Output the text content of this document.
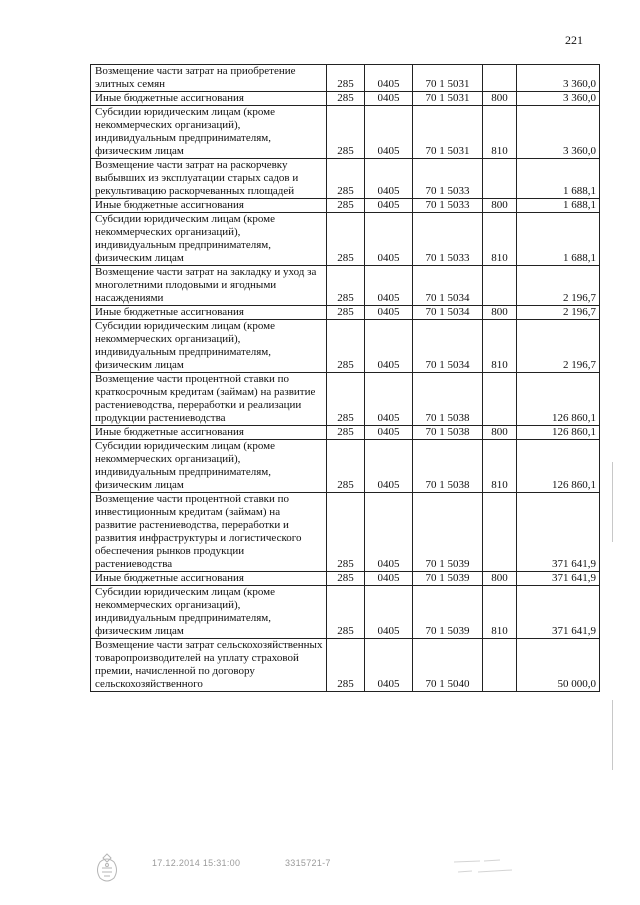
221
Возмещение части затрат на приобретение элитных семян	285	0405	70 1 5031		3 360,0
Иные бюджетные ассигнования	285	0405	70 1 5031	800	3 360,0
Субсидии юридическим лицам (кроме некоммерческих организаций), индивидуальным предпринимателям, физическим лицам	285	0405	70 1 5031	810	3 360,0
Возмещение части затрат на раскорчевку выбывших из эксплуатации старых садов и рекультивацию раскорчеванных площадей	285	0405	70 1 5033		1 688,1
Иные бюджетные ассигнования	285	0405	70 1 5033	800	1 688,1
Субсидии юридическим лицам (кроме некоммерческих организаций), индивидуальным предпринимателям, физическим лицам	285	0405	70 1 5033	810	1 688,1
Возмещение части затрат на закладку и уход за многолетними плодовыми и ягодными насаждениями	285	0405	70 1 5034		2 196,7
Иные бюджетные ассигнования	285	0405	70 1 5034	800	2 196,7
Субсидии юридическим лицам (кроме некоммерческих организаций), индивидуальным предпринимателям, физическим лицам	285	0405	70 1 5034	810	2 196,7
Возмещение части процентной ставки по краткосрочным кредитам (займам) на развитие растениеводства, переработки и реализации продукции растениеводства	285	0405	70 1 5038		126 860,1
Иные бюджетные ассигнования	285	0405	70 1 5038	800	126 860,1
Субсидии юридическим лицам (кроме некоммерческих организаций), индивидуальным предпринимателям, физическим лицам	285	0405	70 1 5038	810	126 860,1
Возмещение части процентной ставки по инвестиционным кредитам (займам) на развитие растениеводства, переработки и развития инфраструктуры и логистического обеспечения рынков продукции растениеводства	285	0405	70 1 5039		371 641,9
Иные бюджетные ассигнования	285	0405	70 1 5039	800	371 641,9
Субсидии юридическим лицам (кроме некоммерческих организаций), индивидуальным предпринимателям, физическим лицам	285	0405	70 1 5039	810	371 641,9
Возмещение части затрат сельскохозяйственных товаропроизводителей на уплату страховой премии, начисленной по договору сельскохозяйственного	285	0405	70 1 5040		50 000,0
17.12.2014 15:31:00	3315721-7
